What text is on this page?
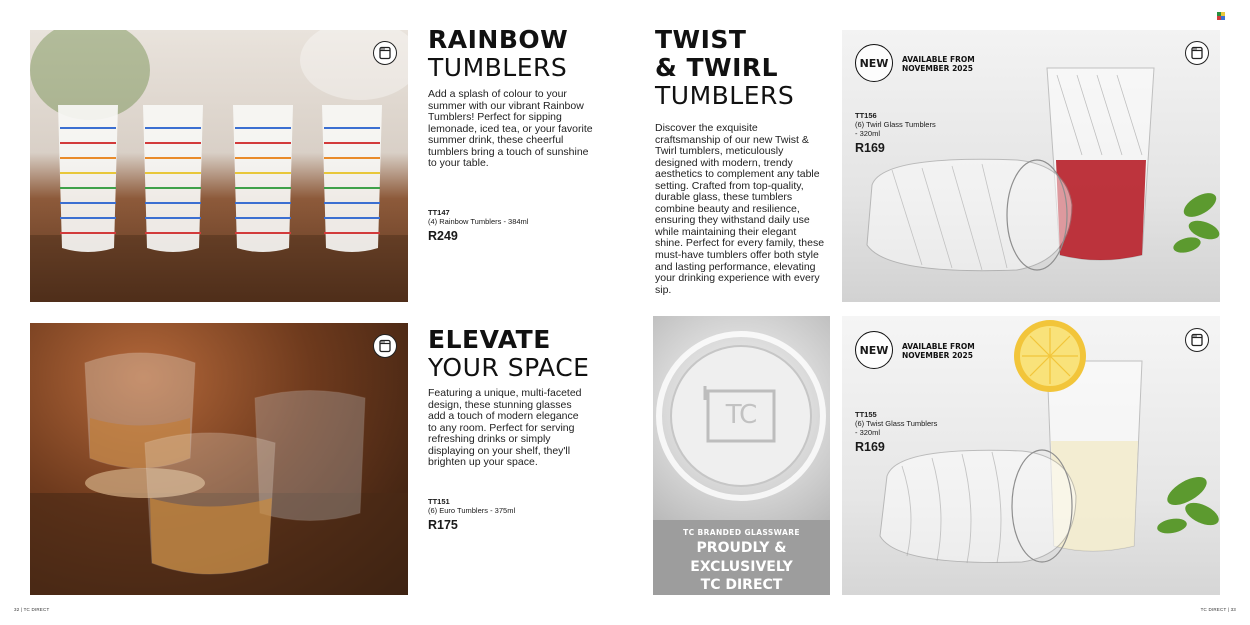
RAINBOW
TUMBLERS
Add a splash of colour to your summer with our vibrant Rainbow Tumblers! Perfect for sipping lemonade, iced tea, or your favorite summer drink, these cheerful tumblers bring a touch of sunshine to your table.
TT147
(4) Rainbow Tumblers - 384ml
R249
ELEVATE
YOUR SPACE
Featuring a unique, multi-faceted design, these stunning glasses add a touch of modern elegance to any room. Perfect for serving refreshing drinks or simply displaying on your shelf, they'll brighten up your space.
TT151
(6) Euro Tumblers - 375ml
R175
TWIST
& TWIRL
TUMBLERS
Discover the exquisite craftsmanship of our new Twist & Twirl tumblers, meticulously designed with modern, trendy aesthetics to complement any table setting. Crafted from top-quality, durable glass, these tumblers combine beauty and resilience, ensuring they withstand daily use while maintaining their elegant shine. Perfect for every family, these must-have tumblers offer both style and lasting performance, elevating your drinking experience with every sip.
NEW	AVAILABLE FROM
NOVEMBER 2025
TT156
(6) Twirl Glass Tumblers
- 320ml
R169
TC
TC BRANDED GLASSWARE
PROUDLY &
EXCLUSIVELY
TC DIRECT
NEW	AVAILABLE FROM
NOVEMBER 2025
TT155
(6) Twist Glass Tumblers
- 320ml
R169
32 | TC DIRECT	TC DIRECT | 33
